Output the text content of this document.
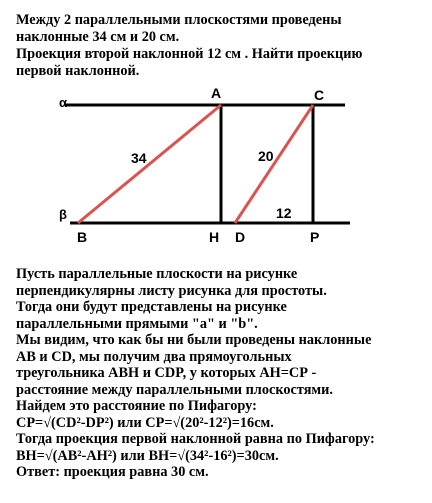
Между 2 параллельными плоскостями проведены
наклонные 34 см и 20 см.
Проекция второй наклонной 12 см . Найти проекцию
первой наклонной.
α
β
A	C
B	H D	P
34	20
12
Пусть параллельные плоскости на рисунке
перпендикулярны листу рисунка для простоты.
Тогда они будут представлены на рисунке
параллельными прямыми "а" и "b".
Мы видим, что как бы ни были проведены наклонные
АВ и CD, мы получим два прямоугольных
треугольника АВН и CDP, у которых АН=СР -
расстояние между параллельными плоскостями.
Найдем это расстояние по Пифагору:
СР=√(CD²-DP²) или СР=√(20²-12²)=16см.
Тогда проекция первой наклонной равна по Пифагору:
ВН=√(AB²-AH²) или ВН=√(34²-16²)=30см.
Ответ: проекция равна 30 см.
